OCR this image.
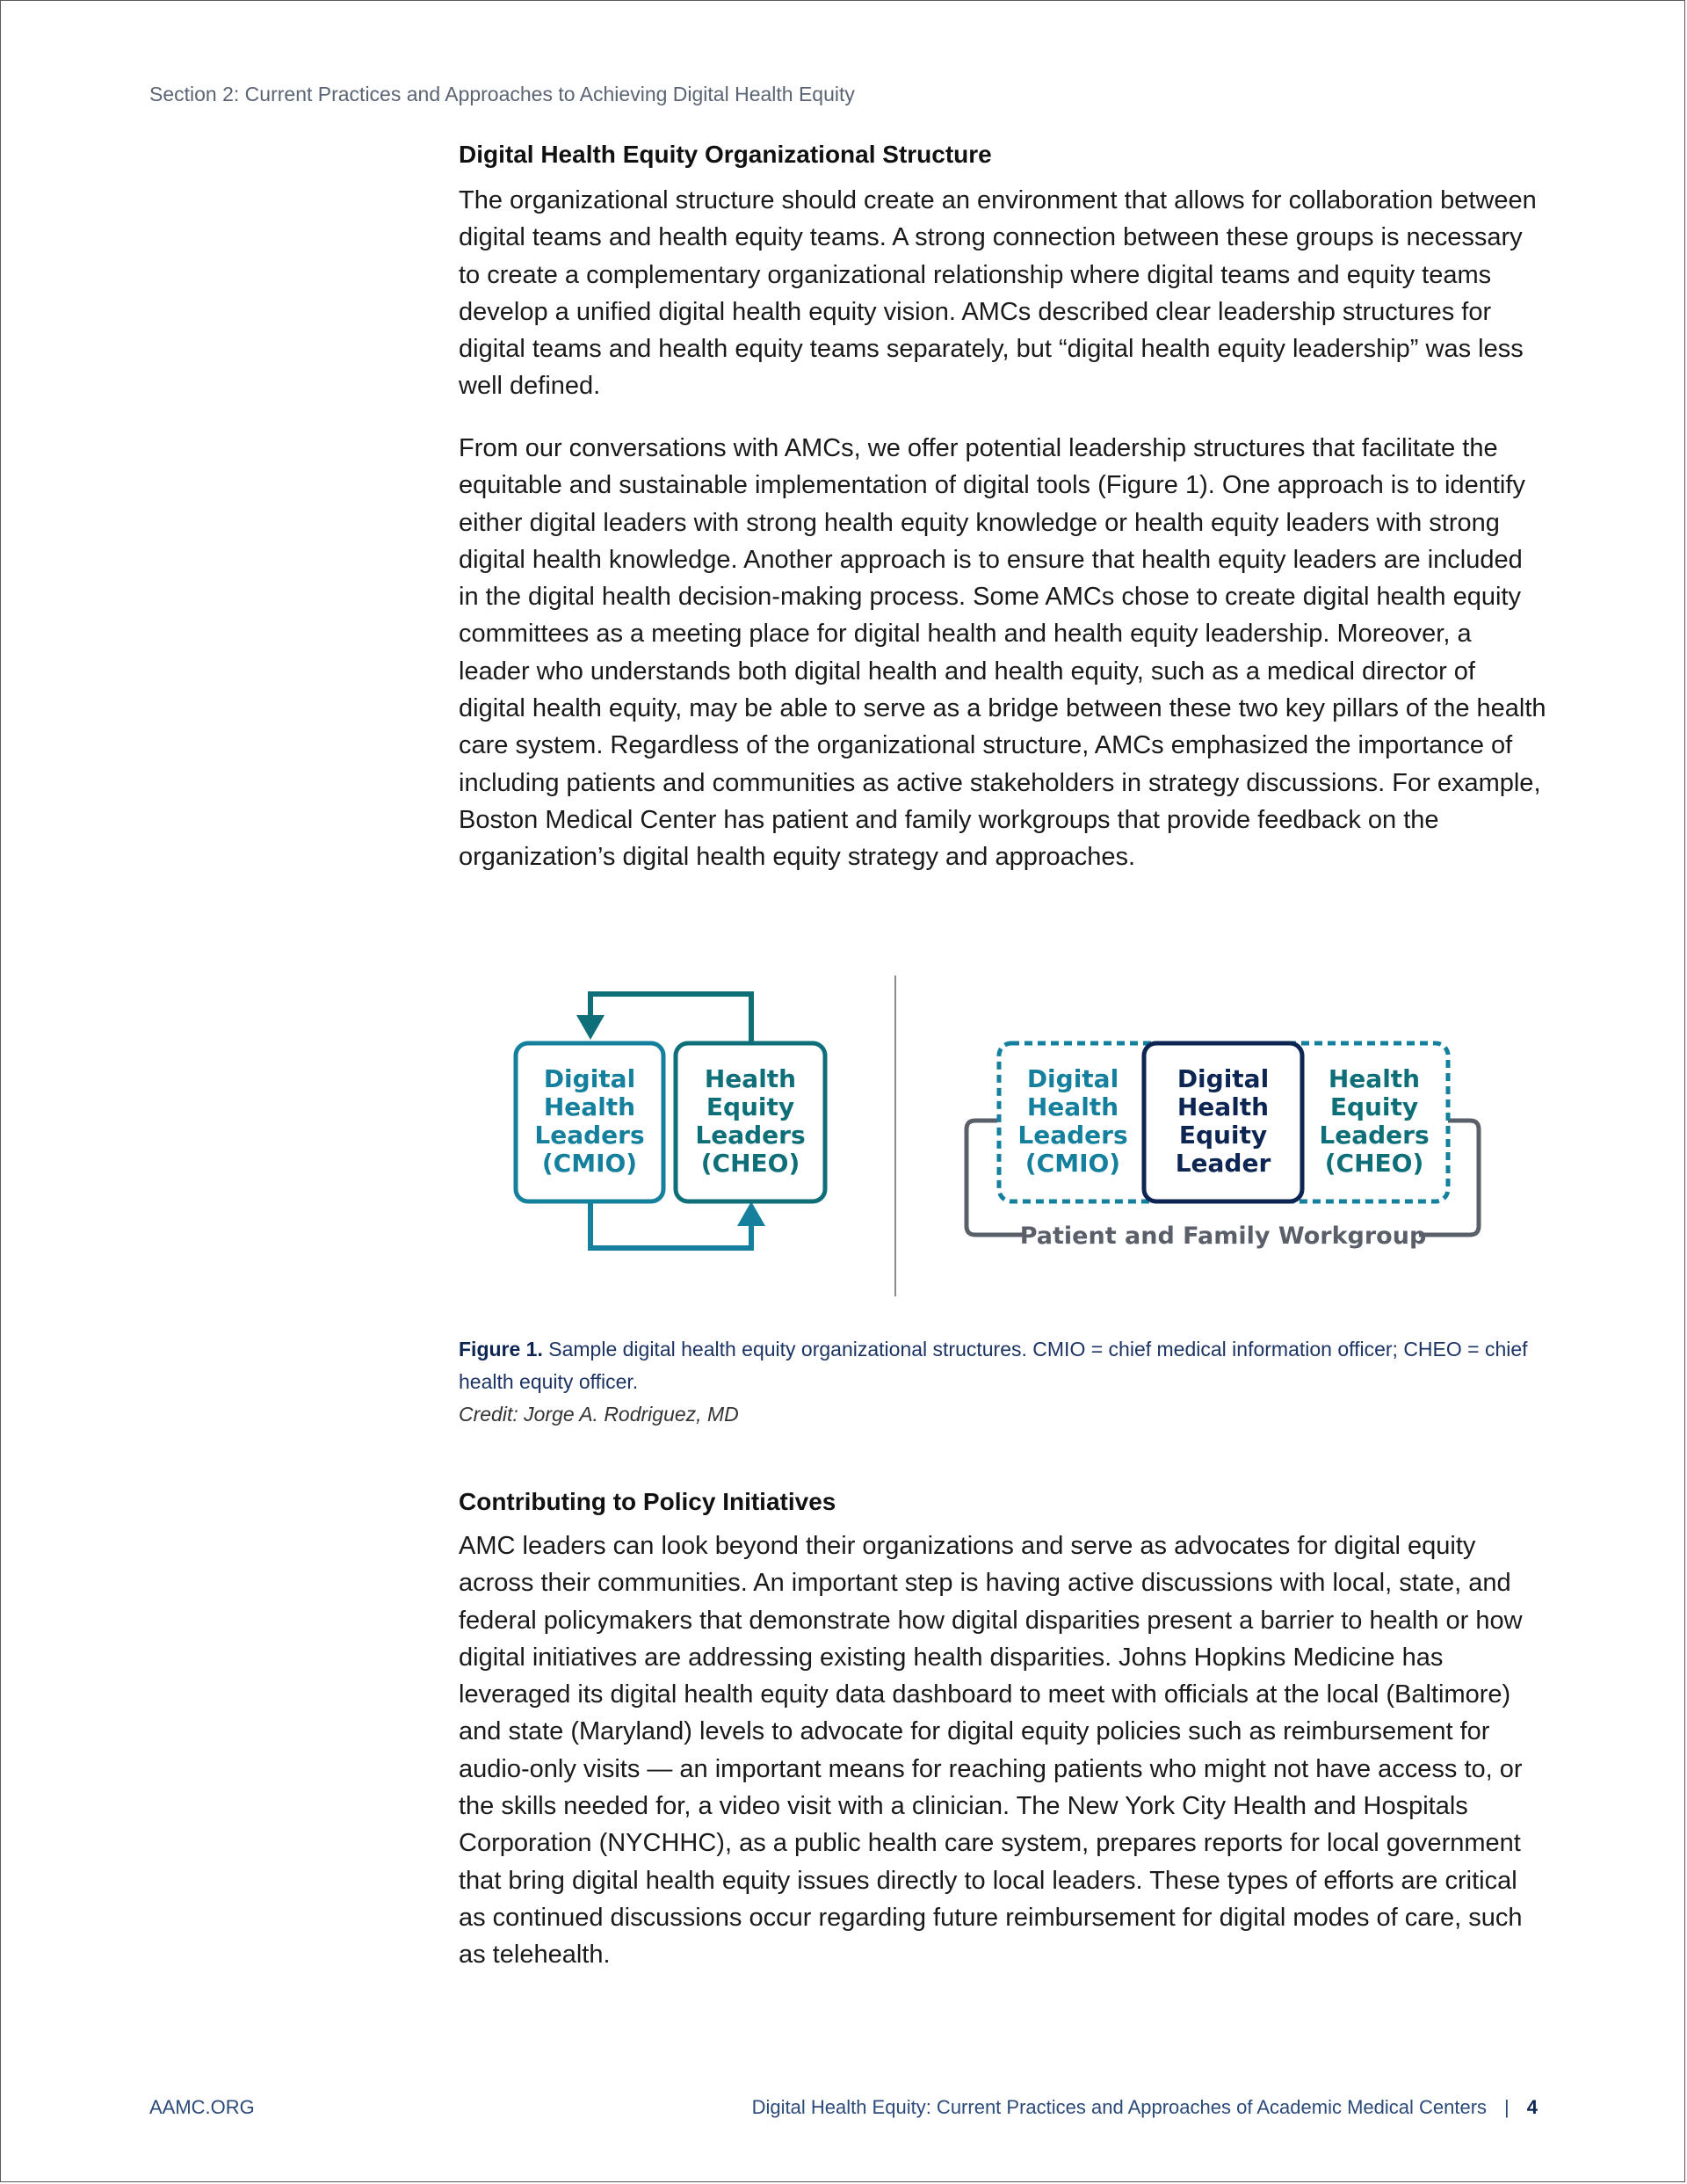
Section 2: Current Practices and Approaches to Achieving Digital Health Equity
Digital Health Equity Organizational Structure

The organizational structure should create an environment that allows for collaboration between digital teams and health equity teams. A strong connection between these groups is necessary to create a complementary organizational relationship where digital teams and equity teams develop a unified digital health equity vision. AMCs described clear leadership structures for digital teams and health equity teams separately, but “digital health equity leadership” was less well defined.

From our conversations with AMCs, we offer potential leadership structures that facilitate the equitable and sustainable implementation of digital tools (Figure 1). One approach is to identify either digital leaders with strong health equity knowledge or health equity leaders with strong digital health knowledge. Another approach is to ensure that health equity leaders are included in the digital health decision-making process. Some AMCs chose to create digital health equity committees as a meeting place for digital health and health equity leadership. Moreover, a leader who understands both digital health and health equity, such as a medical director of digital health equity, may be able to serve as a bridge between these two key pillars of the health care system. Regardless of the organizational structure, AMCs emphasized the importance of including patients and communities as active stakeholders in strategy discussions. For example, Boston Medical Center has patient and family workgroups that provide feedback on the organization’s digital health equity strategy and approaches.

Digital
Health
Leaders
(CMIO)
Health
Equity
Leaders
(CHEO)
Patient and Family Workgroup
Digital
Health
Leaders
(CMIO)
Digital
Health
Equity
Leader
Health
Equity
Leaders
(CHEO)
Figure 1. Sample digital health equity organizational structures. CMIO = chief medical information officer; CHEO = chief health equity officer.
Credit: Jorge A. Rodriguez, MD
Contributing to Policy Initiatives

AMC leaders can look beyond their organizations and serve as advocates for digital equity across their communities. An important step is having active discussions with local, state, and federal policymakers that demonstrate how digital disparities present a barrier to health or how digital initiatives are addressing existing health disparities. Johns Hopkins Medicine has leveraged its digital health equity data dashboard to meet with officials at the local (Baltimore) and state (Maryland) levels to advocate for digital equity policies such as reimbursement for audio-only visits — an important means for reaching patients who might not have access to, or the skills needed for, a video visit with a clinician. The New York City Health and Hospitals Corporation (NYCHHC), as a public health care system, prepares reports for local government that bring digital health equity issues directly to local leaders. These types of efforts are critical as continued discussions occur regarding future reimbursement for digital modes of care, such as telehealth.

AAMC.ORG	Digital Health Equity: Current Practices and Approaches of Academic Medical Centers | 4
